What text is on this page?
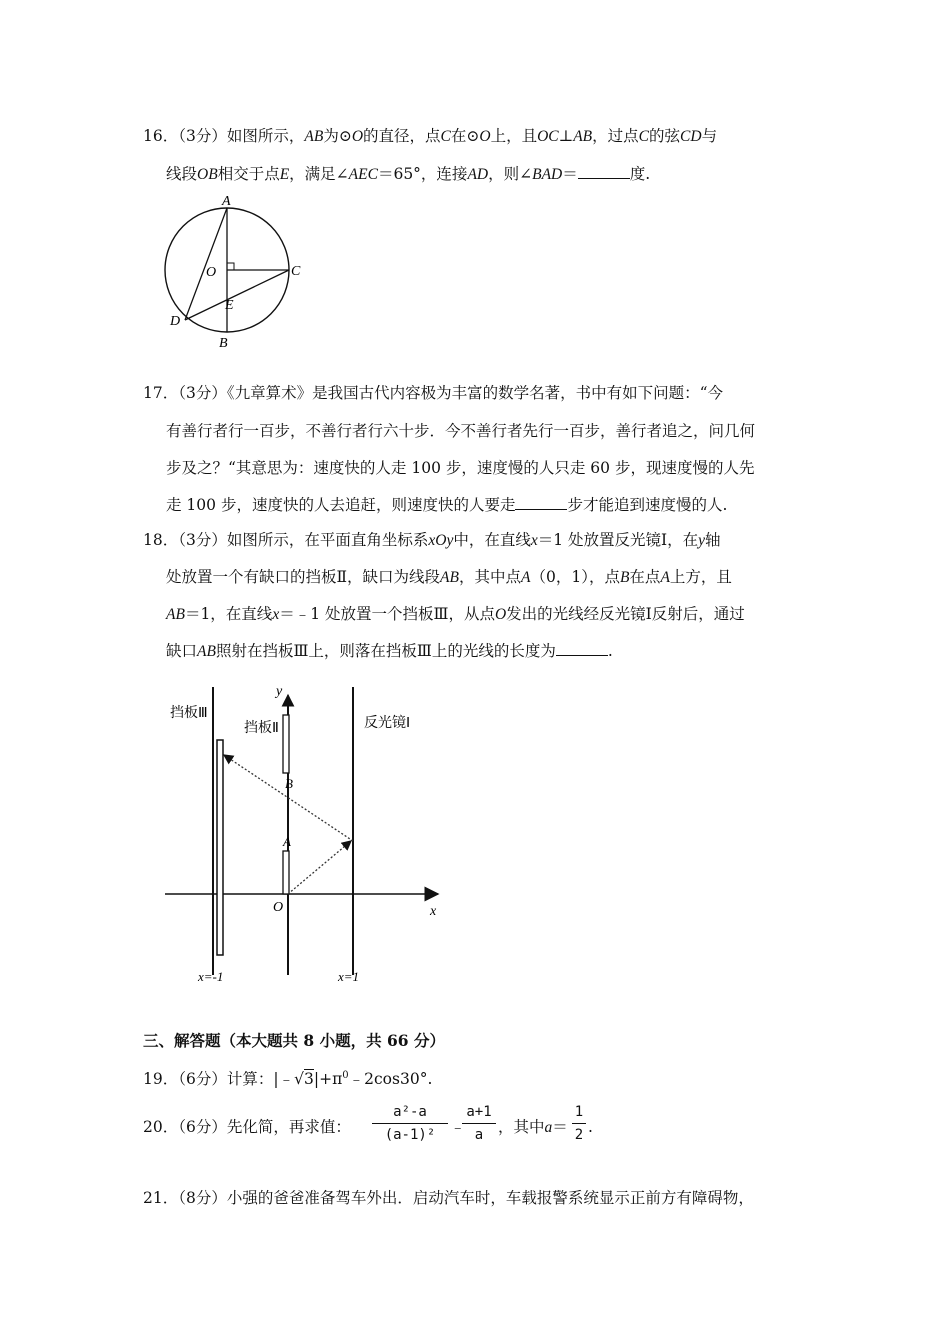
16．（3分）如图所示，AB为⊙O的直径，点C在⊙O上，且OC⊥AB，过点C的弦CD与
线段OB相交于点E，满足∠AEC＝65°，连接AD，则∠BAD＝	度.
A
O	C
E
D
B
17．（3分）《九章算术》是我国古代内容极为丰富的数学名著，书中有如下问题：“今
有善行者行一百步，不善行者行六十步．今不善行者先行一百步，善行者追之，问几何
步及之？“其意思为：速度快的人走 100 步，速度慢的人只走 60 步，现速度慢的人先
走 100 步，速度快的人去追赶，则速度快的人要走	步才能追到速度慢的人.
18．（3分）如图所示，在平面直角坐标系xOy中，在直线x＝1 处放置反光镜Ⅰ，在y轴
处放置一个有缺口的挡板Ⅱ，缺口为线段AB，其中点A（0，1），点B在点A上方，且
AB＝1，在直线x＝﹣1 处放置一个挡板Ⅲ，从点O发出的光线经反光镜Ⅰ反射后，通过
缺口AB照射在挡板Ⅲ上，则落在挡板Ⅲ上的光线的长度为	.
挡板Ⅲ
挡板Ⅱ	反光镜Ⅰ
y
x
O
A
B
x=-1	x=1
三、解答题（本大题共 8 小题，共 66 分）
19．（6分）计算：$|﹣√3|+\pi^0﹣2\cos 30^\circ$.
20．（6分）先化简，再求值：
a²-a
(a-1)² ﹣
a+1
a ，其中a＝
1
2 .
21．（8分）小强的爸爸准备驾车外出．启动汽车时，车载报警系统显示正前方有障碍物，
